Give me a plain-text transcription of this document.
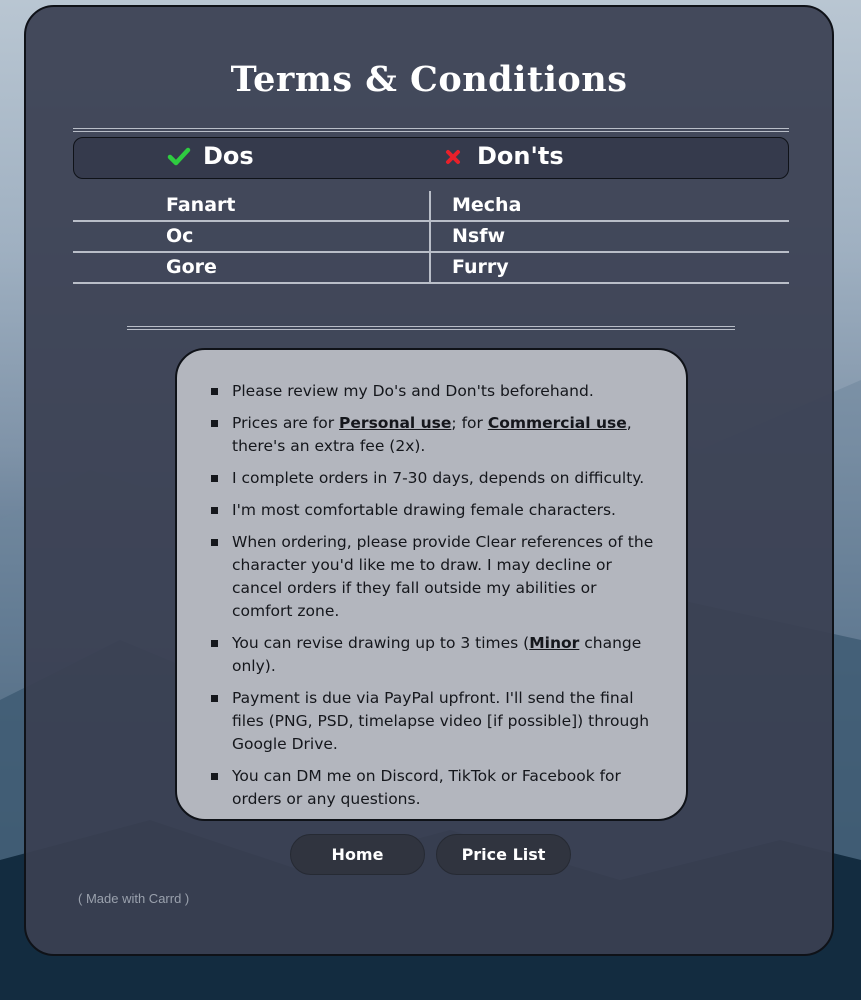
Terms & Conditions
Dos	Don'ts
Fanart	Mecha
Oc	Nsfw
Gore	Furry
Please review my Do's and Don'ts beforehand.
Prices are for Personal use; for Commercial use, there's an extra fee (2x).
I complete orders in 7-30 days, depends on difficulty.
I'm most comfortable drawing female characters.
When ordering, please provide Clear references of the character you'd like me to draw. I may decline or cancel orders if they fall outside my abilities or comfort zone.
You can revise drawing up to 3 times (Minor change only).
Payment is due via PayPal upfront. I'll send the final files (PNG, PSD, timelapse video [if possible]) through Google Drive.
You can DM me on Discord, TikTok or Facebook for orders or any questions.
Home	Price List
( Made with Carrd )
